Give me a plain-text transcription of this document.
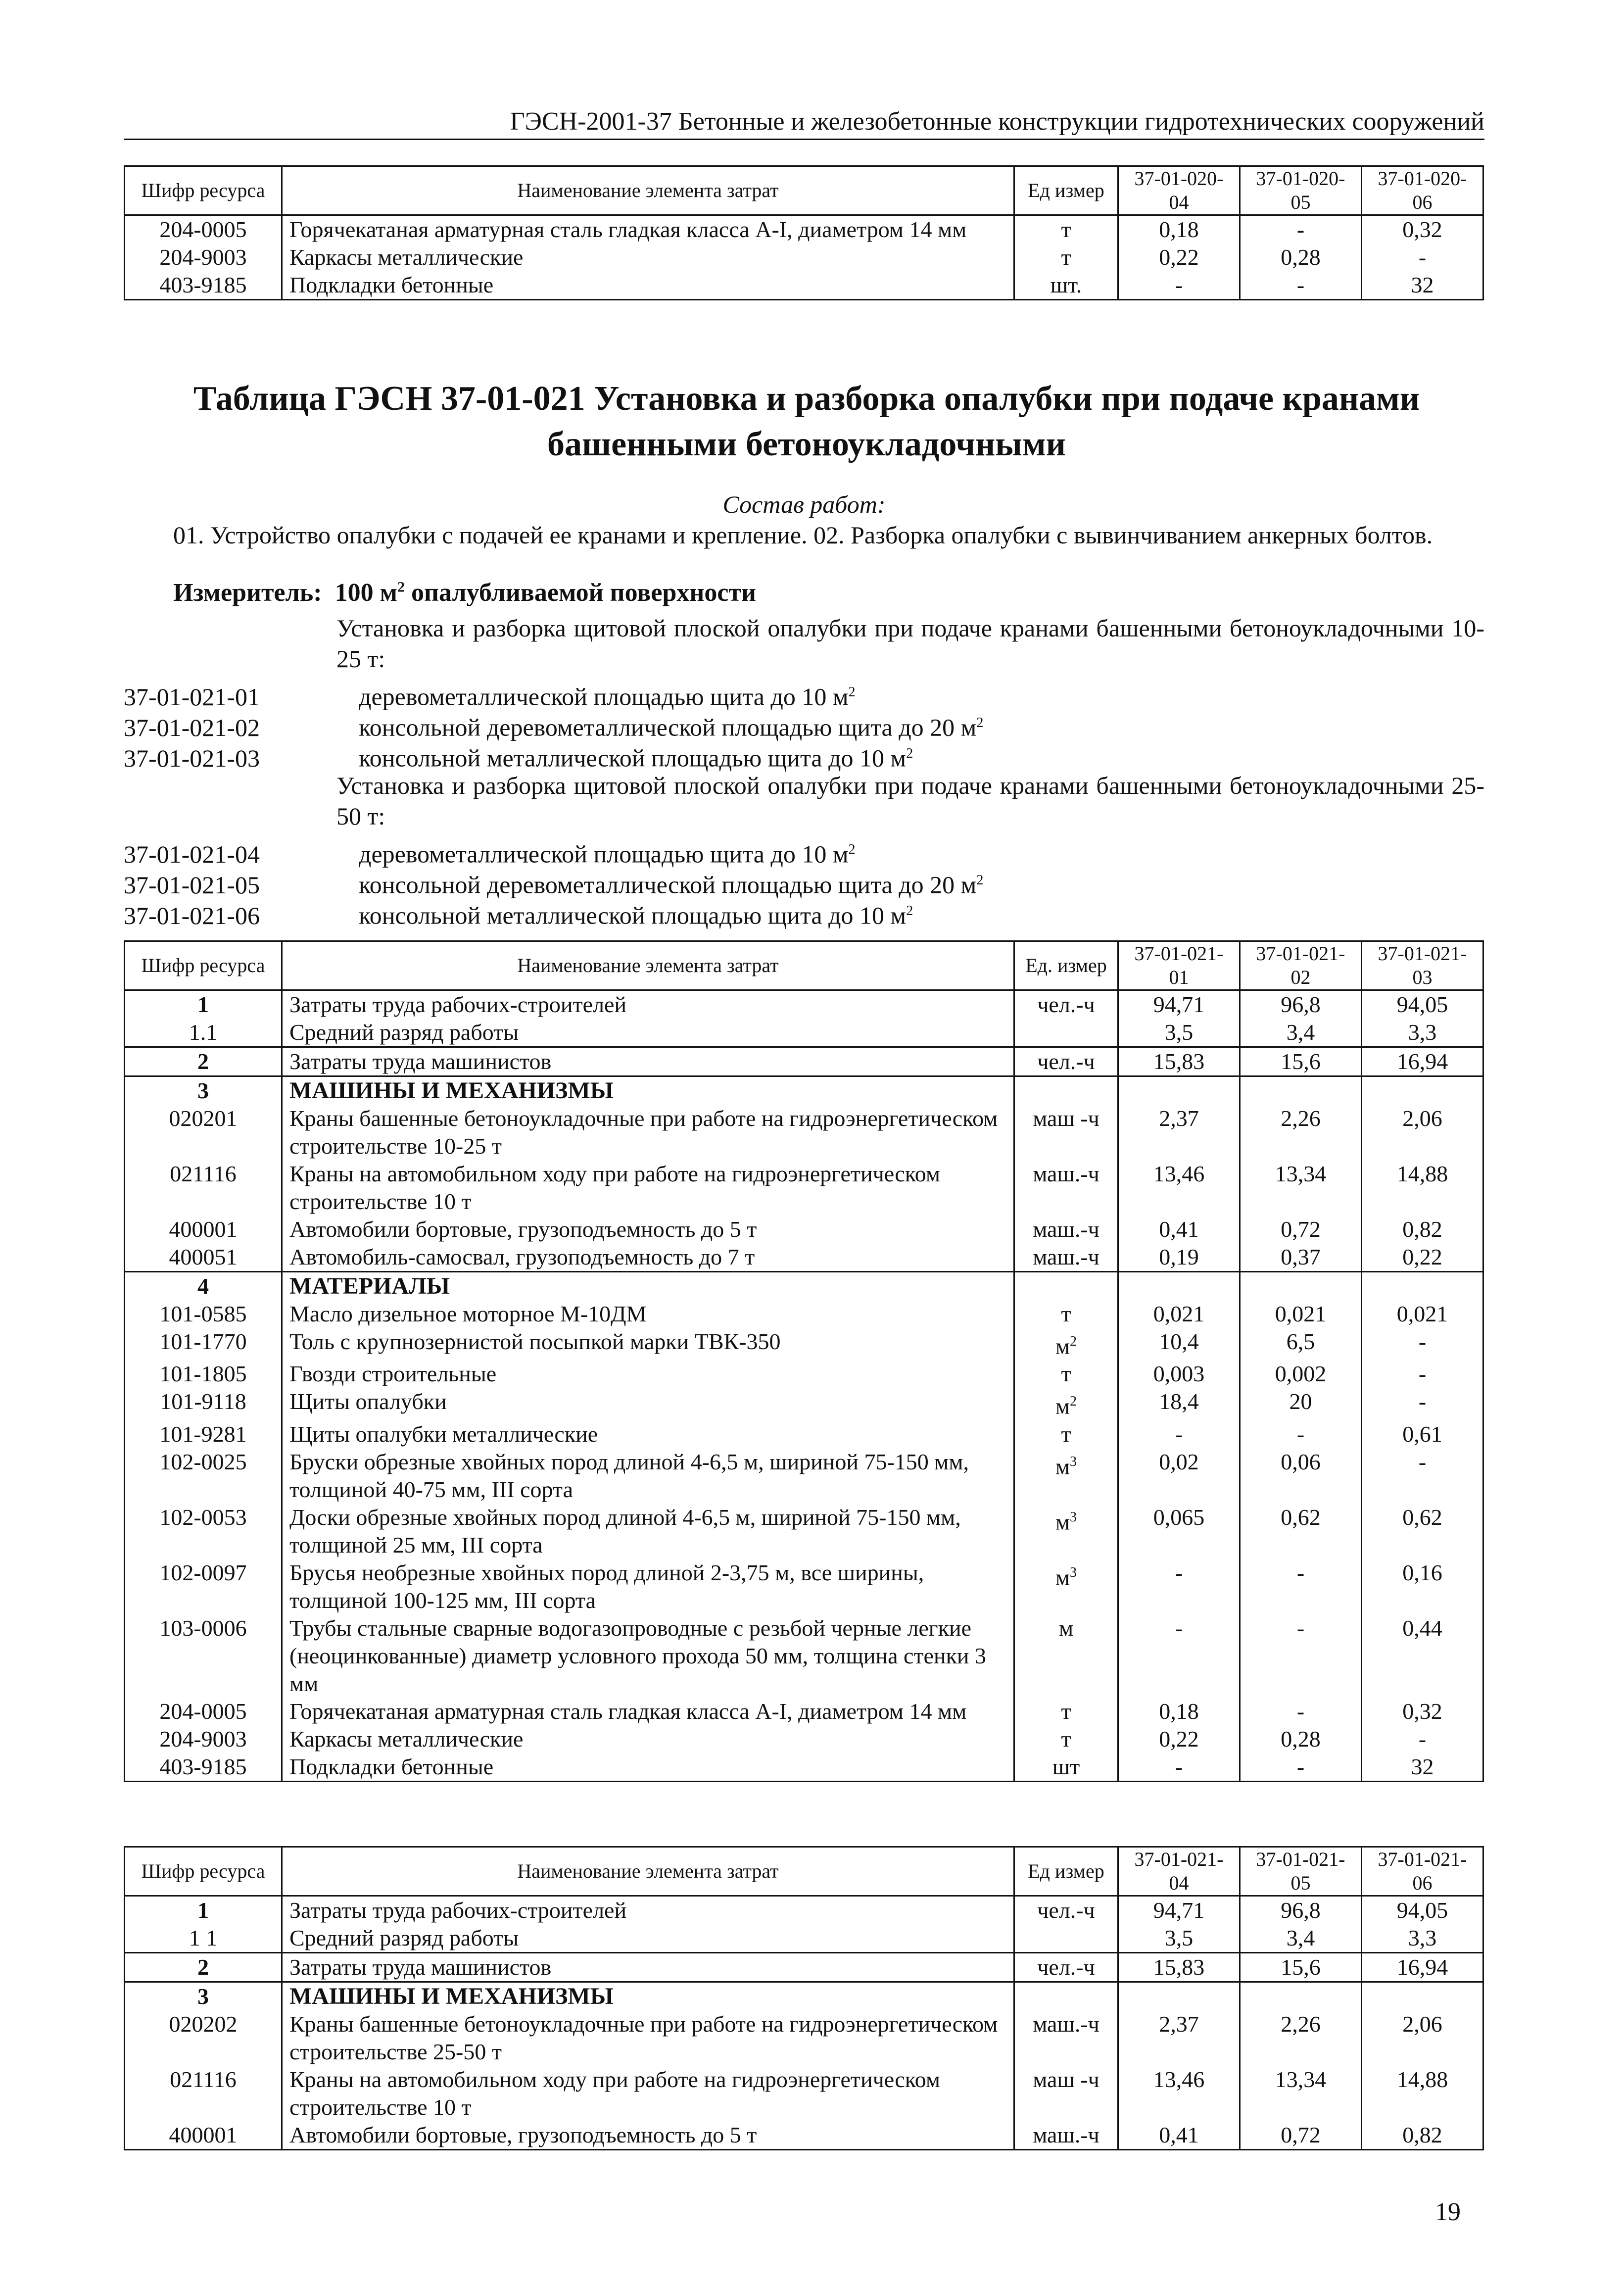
ГЭСН-2001-37 Бетонные и железобетонные конструкции гидротехнических сооружений
Шифр ресурса	Наименование элемента затрат	Ед измер	37-01-020-04	37-01-020-05	37-01-020-06
204-0005	Горячекатаная арматурная сталь гладкая класса А-I, диаметром 14 мм	т	0,18	-	0,32
204-9003	Каркасы металлические	т	0,22	0,28	-
403-9185	Подкладки бетонные	шт.	-	-	32
Таблица ГЭСН 37-01-021 Установка и разборка опалубки при подаче кранами башенными бетоноукладочными
Состав работ:
01. Устройство опалубки с подачей ее кранами и крепление. 02. Разборка опалубки с вывинчиванием анкерных болтов.
Измеритель: 100 $м^2$ опалубливаемой поверхности
Установка и разборка щитовой плоской опалубки при подаче кранами башенными бетоноукладочными 10-25 т:
37-01-021-01	деревометаллической площадью щита до 10 $м^2$
37-01-021-02	консольной деревометаллической площадью щита до 20 $м^2$
37-01-021-03	консольной металлической площадью щита до 10 $м^2$
Установка и разборка щитовой плоской опалубки при подаче кранами башенными бетоноукладочными 25-50 т:
37-01-021-04	деревометаллической площадью щита до 10 $м^2$
37-01-021-05	консольной деревометаллической площадью щита до 20 $м^2$
37-01-021-06	консольной металлической площадью щита до 10 $м^2$
Шифр ресурса	Наименование элемента затрат	Ед. измер	37-01-021-01	37-01-021-02	37-01-021-03
1	Затраты труда рабочих-строителей	чел.-ч	94,71	96,8	94,05
1.1	Средний разряд работы		3,5	3,4	3,3
2	Затраты труда машинистов	чел.-ч	15,83	15,6	16,94
3	МАШИНЫ И МЕХАНИЗМЫ				
020201	Краны башенные бетоноукладочные при работе на гидроэнергетическом строительстве 10-25 т	маш -ч	2,37	2,26	2,06
021116	Краны на автомобильном ходу при работе на гидроэнергетическом строительстве 10 т	маш.-ч	13,46	13,34	14,88
400001	Автомобили бортовые, грузоподъемность до 5 т	маш.-ч	0,41	0,72	0,82
400051	Автомобиль-самосвал, грузоподъемность до 7 т	маш.-ч	0,19	0,37	0,22
4	МАТЕРИАЛЫ				
101-0585	Масло дизельное моторное М-10ДМ	т	0,021	0,021	0,021
101-1770	Толь с крупнозернистой посыпкой марки ТВК-350	$м^2$	10,4	6,5	-
101-1805	Гвозди строительные	т	0,003	0,002	-
101-9118	Щиты опалубки	$м^2$	18,4	20	-
101-9281	Щиты опалубки металлические	т	-	-	0,61
102-0025	Бруски обрезные хвойных пород длиной 4-6,5 м, шириной 75-150 мм, толщиной 40-75 мм, III сорта	$м^3$	0,02	0,06	-
102-0053	Доски обрезные хвойных пород длиной 4-6,5 м, шириной 75-150 мм, толщиной 25 мм, III сорта	$м^3$	0,065	0,62	0,62
102-0097	Брусья необрезные хвойных пород длиной 2-3,75 м, все ширины, толщиной 100-125 мм, III сорта	$м^3$	-	-	0,16
103-0006	Трубы стальные сварные водогазопроводные с резьбой черные легкие (неоцинкованные) диаметр условного прохода 50 мм, толщина стенки 3 мм	м	-	-	0,44
204-0005	Горячекатаная арматурная сталь гладкая класса А-I, диаметром 14 мм	т	0,18	-	0,32
204-9003	Каркасы металлические	т	0,22	0,28	-
403-9185	Подкладки бетонные	шт	-	-	32
Шифр ресурса	Наименование элемента затрат	Ед измер	37-01-021-04	37-01-021-05	37-01-021-06
1	Затраты труда рабочих-строителей	чел.-ч	94,71	96,8	94,05
1 1	Средний разряд работы		3,5	3,4	3,3
2	Затраты труда машинистов	чел.-ч	15,83	15,6	16,94
3	МАШИНЫ И МЕХАНИЗМЫ				
020202	Краны башенные бетоноукладочные при работе на гидроэнергетическом строительстве 25-50 т	маш.-ч	2,37	2,26	2,06
021116	Краны на автомобильном ходу при работе на гидроэнергетическом строительстве 10 т	маш -ч	13,46	13,34	14,88
400001	Автомобили бортовые, грузоподъемность до 5 т	маш.-ч	0,41	0,72	0,82
19
